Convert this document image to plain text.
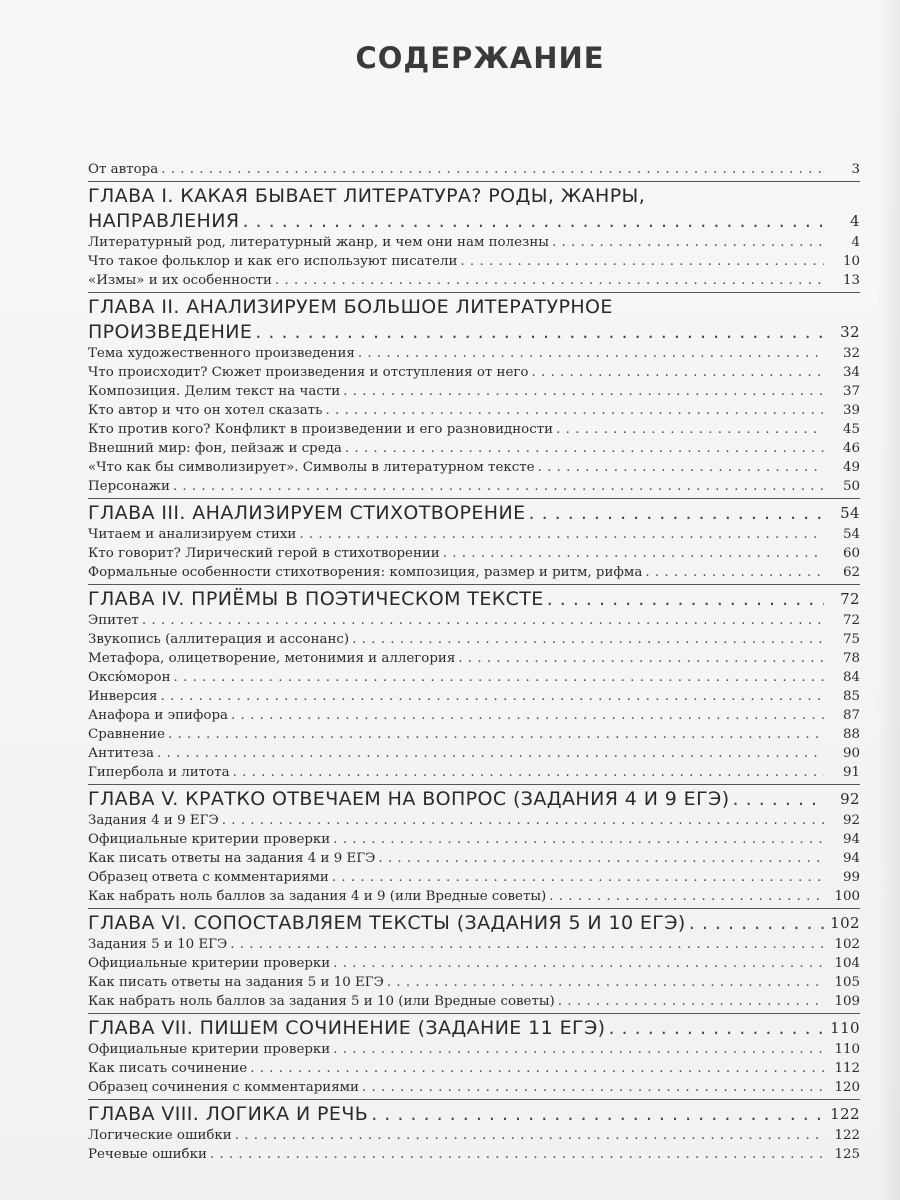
СОДЕРЖАНИЕ
От автора . . .	3
ГЛАВА I. КАКАЯ БЫВАЕТ ЛИТЕРАТУРА? РОДЫ, ЖАНРЫ,
НАПРАВЛЕНИЯ . . .	4
Литературный род, литературный жанр, и чем они нам полезны . . .	4
Что такое фольклор и как его используют писатели . . .	10
«Измы» и их особенности . . .	13
ГЛАВА II. АНАЛИЗИРУЕМ БОЛЬШОЕ ЛИТЕРАТУРНОЕ
ПРОИЗВЕДЕНИЕ . . .	32
Тема художественного произведения . . .	32
Что происходит? Сюжет произведения и отступления от него . . .	34
Композиция. Делим текст на части . . .	37
Кто автор и что он хотел сказать . . .	39
Кто против кого? Конфликт в произведении и его разновидности . . .	45
Внешний мир: фон, пейзаж и среда . . .	46
«Что как бы символизирует». Символы в литературном тексте . . .	49
Персонажи . . .	50
ГЛАВА III. АНАЛИЗИРУЕМ СТИХОТВОРЕНИЕ . . .	54
Читаем и анализируем стихи . . .	54
Кто говорит? Лирический герой в стихотворении . . .	60
Формальные особенности стихотворения: композиция, размер и ритм, рифма . . .	62
ГЛАВА IV. ПРИЁМЫ В ПОЭТИЧЕСКОМ ТЕКСТЕ . . .	72
Эпитет . . .	72
Звукопись (аллитерация и ассонанс) . . .	75
Метафора, олицетворение, метонимия и аллегория . . .	78
Оксю́морон . . .	84
Инверсия . . .	85
Анафора и эпифора . . .	87
Сравнение . . .	88
Антитеза . . .	90
Гипербола и литота . . .	91
ГЛАВА V. КРАТКО ОТВЕЧАЕМ НА ВОПРОС (ЗАДАНИЯ 4 И 9 ЕГЭ) . . .	92
Задания 4 и 9 ЕГЭ . . .	92
Официальные критерии проверки . . .	94
Как писать ответы на задания 4 и 9 ЕГЭ . . .	94
Образец ответа с комментариями . . .	99
Как набрать ноль баллов за задания 4 и 9 (или Вредные советы) . . .	100
ГЛАВА VI. СОПОСТАВЛЯЕМ ТЕКСТЫ (ЗАДАНИЯ 5 И 10 ЕГЭ) . . .	102
Задания 5 и 10 ЕГЭ . . .	102
Официальные критерии проверки . . .	104
Как писать ответы на задания 5 и 10 ЕГЭ . . .	105
Как набрать ноль баллов за задания 5 и 10 (или Вредные советы) . . .	109
ГЛАВА VII. ПИШЕМ СОЧИНЕНИЕ (ЗАДАНИЕ 11 ЕГЭ) . . .	110
Официальные критерии проверки . . .	110
Как писать сочинение . . .	112
Образец сочинения с комментариями . . .	120
ГЛАВА VIII. ЛОГИКА И РЕЧЬ . . .	122
Логические ошибки . . .	122
Речевые ошибки . . .	125
